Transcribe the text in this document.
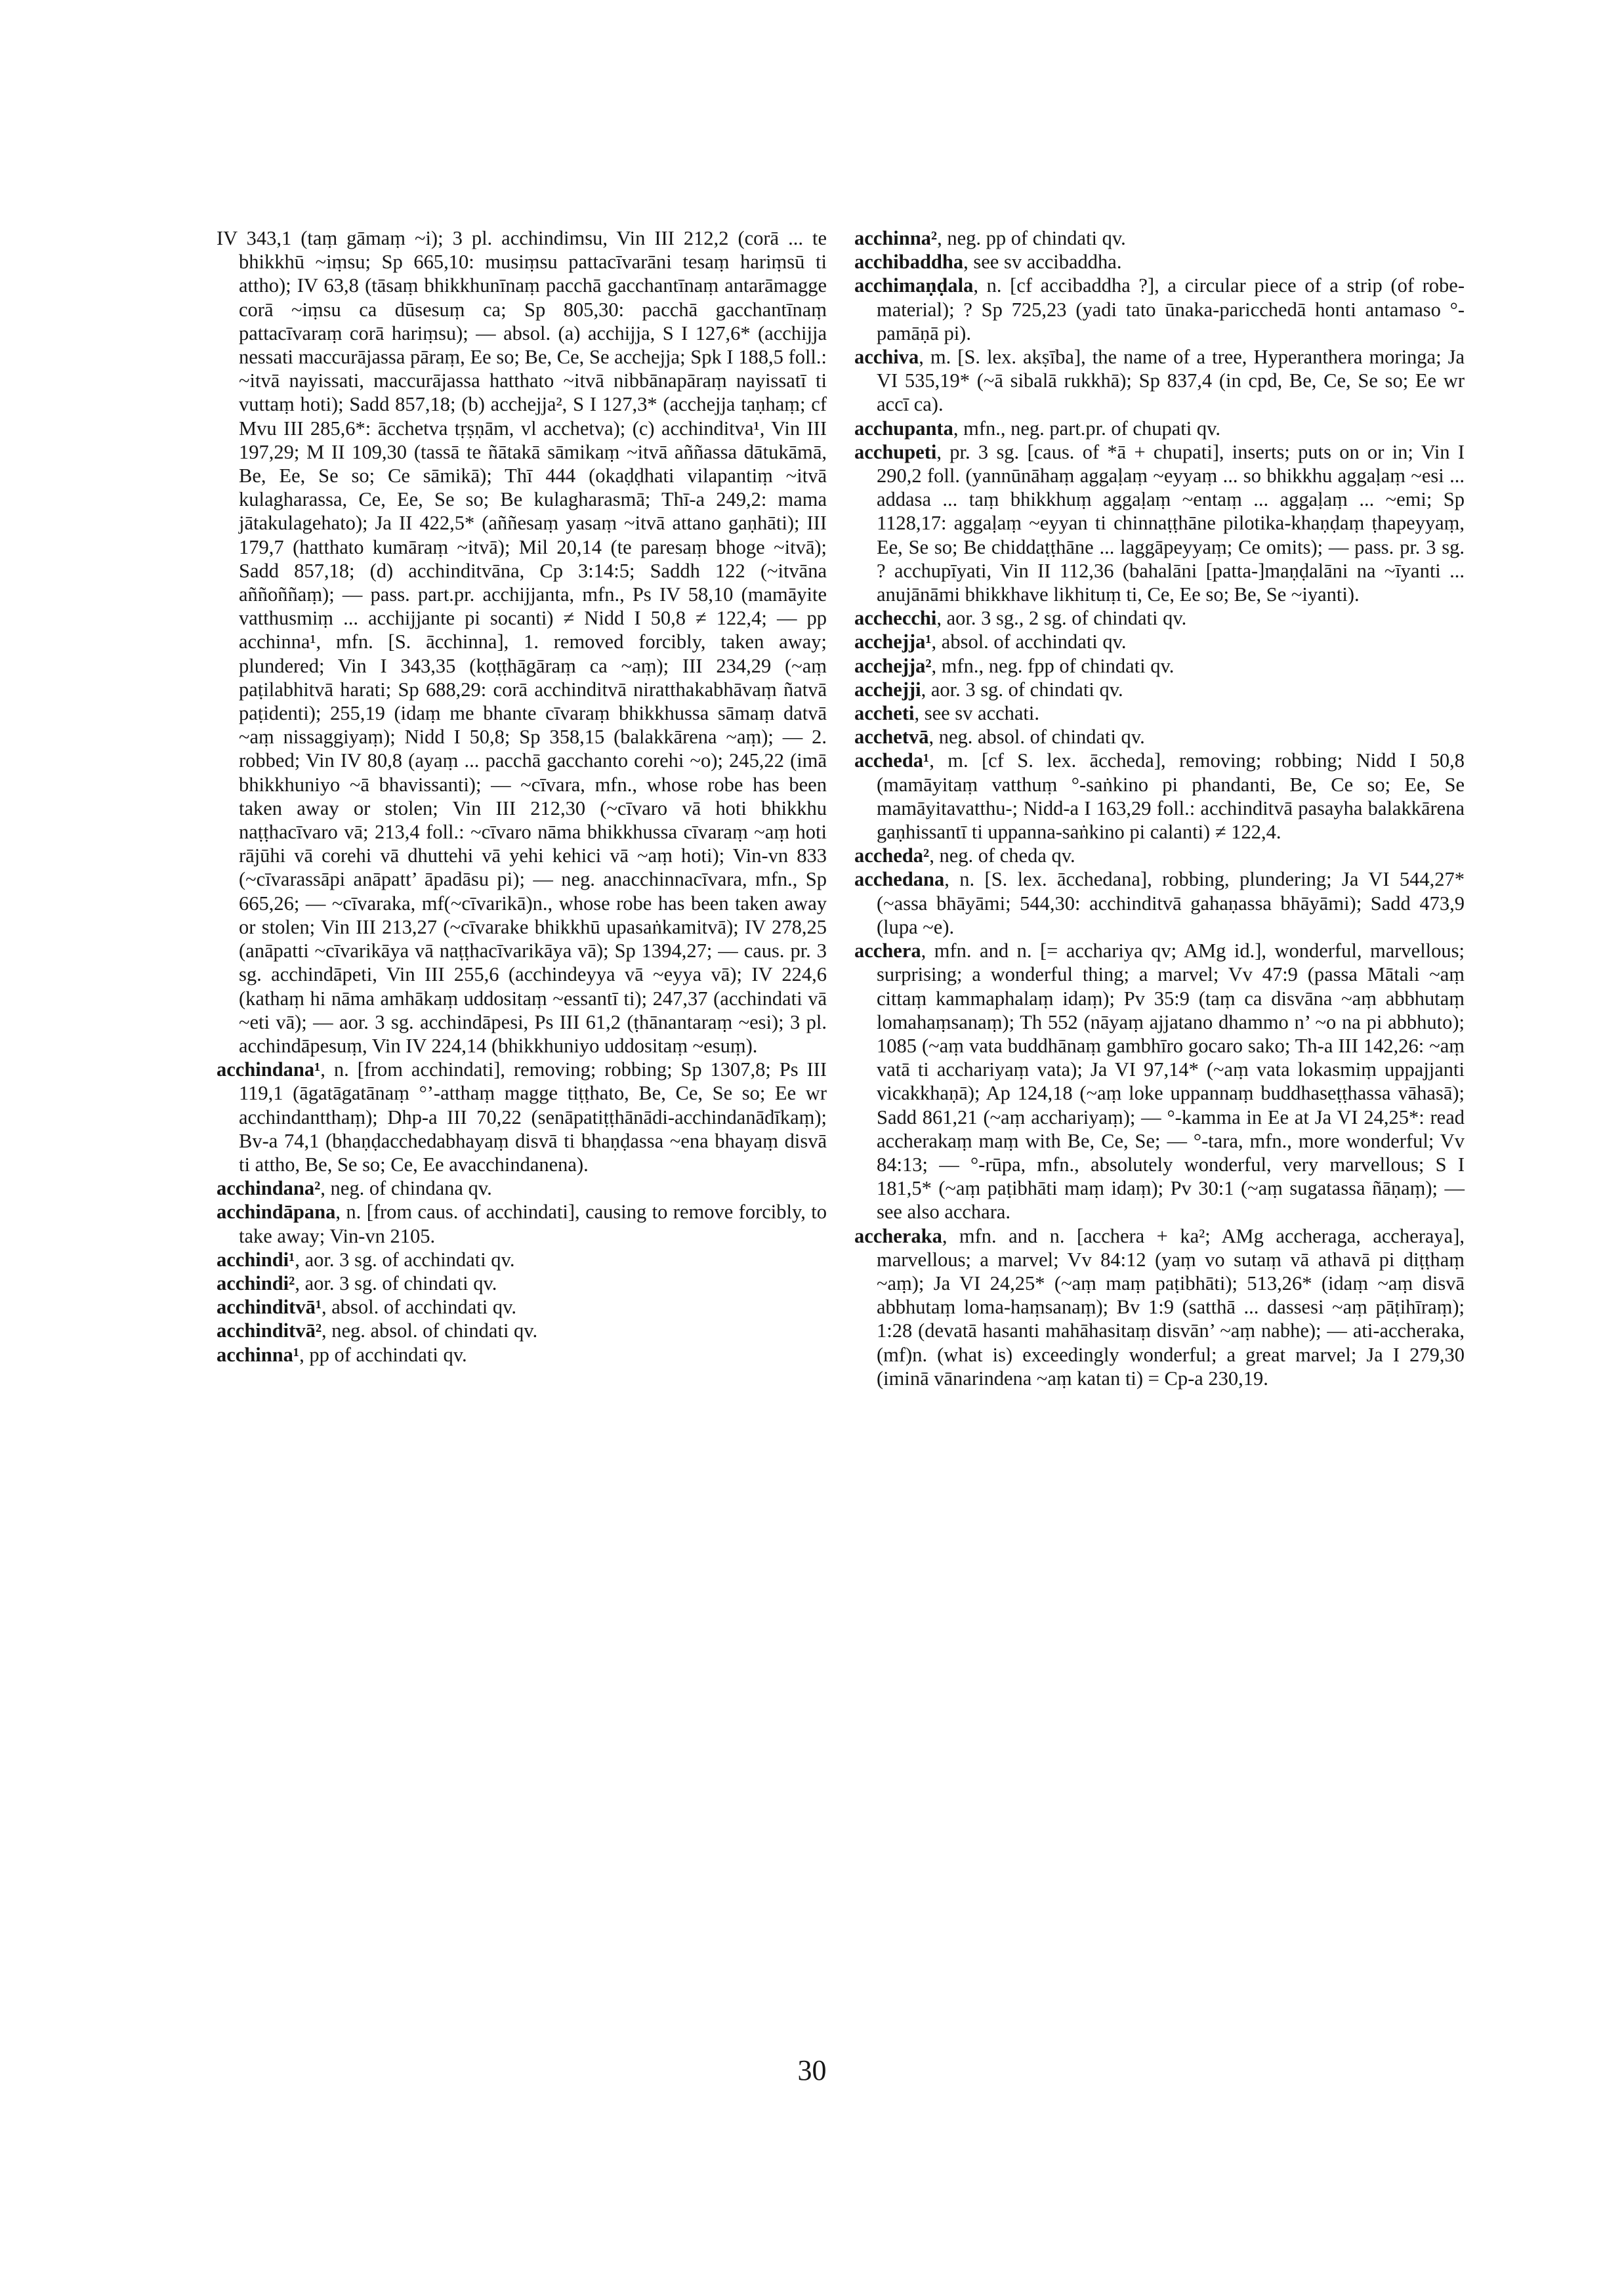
IV 343,1 (taṃ gāmaṃ ~i); 3 pl. acchindimsu, Vin III 212,2 (corā ... te bhikkhū ~iṃsu; Sp 665,10: musiṃsu pattacīvarāni tesaṃ hariṃsū ti attho); IV 63,8 (tāsaṃ bhikkhunīnaṃ pacchā gacchantīnaṃ antarāmagge corā ~iṃsu ca dūsesuṃ ca; Sp 805,30: pacchā gacchantīnaṃ pattacīvaraṃ corā hariṃsu); — absol. (a) acchijja, S I 127,6* (acchijja nessati maccurājassa pāraṃ, Ee so; Be, Ce, Se acchejja; Spk I 188,5 foll.: ~itvā nayissati, maccurājassa hatthato ~itvā nibbānapāraṃ nayissatī ti vuttaṃ hoti); Sadd 857,18; (b) acchejja², S I 127,3* (acchejja taṇhaṃ; cf Mvu III 285,6*: ācchetva tṛṣṇām, vl acchetva); (c) acchinditva¹, Vin III 197,29; M II 109,30 (tassā te ñātakā sāmikaṃ ~itvā aññassa dātukāmā, Be, Ee, Se so; Ce sāmikā); Thī 444 (okaḍḍhati vilapantiṃ ~itvā kulagharassa, Ce, Ee, Se so; Be kulagharasmā; Thī-a 249,2: mama jātakulagehato); Ja II 422,5* (aññesaṃ yasaṃ ~itvā attano gaṇhāti); III 179,7 (hatthato kumāraṃ ~itvā); Mil 20,14 (te paresaṃ bhoge ~itvā); Sadd 857,18; (d) acchinditvāna, Cp 3:14:5; Saddh 122 (~itvāna aññoññaṃ); — pass. part.pr. acchijjanta, mfn., Ps IV 58,10 (mamāyite vatthusmiṃ ... acchijjante pi socanti) ≠ Nidd I 50,8 ≠ 122,4; — pp acchinna¹, mfn. [S. ācchinna], 1. removed forcibly, taken away; plundered; Vin I 343,35 (koṭṭhāgāraṃ ca ~aṃ); III 234,29 (~aṃ paṭilabhitvā harati; Sp 688,29: corā acchinditvā niratthakabhāvaṃ ñatvā paṭidenti); 255,19 (idaṃ me bhante cīvaraṃ bhikkhussa sāmaṃ datvā ~aṃ nissaggiyaṃ); Nidd I 50,8; Sp 358,15 (balakkārena ~aṃ); — 2. robbed; Vin IV 80,8 (ayaṃ ... pacchā gacchanto corehi ~o); 245,22 (imā bhikkhuniyo ~ā bhavissanti); — ~cīvara, mfn., whose robe has been taken away or stolen; Vin III 212,30 (~cīvaro vā hoti bhikkhu naṭṭhacīvaro vā; 213,4 foll.: ~cīvaro nāma bhikkhussa cīvaraṃ ~aṃ hoti rājūhi vā corehi vā dhuttehi vā yehi kehici vā ~aṃ hoti); Vin-vn 833 (~cīvarassāpi anāpatt’ āpadāsu pi); — neg. anacchinnacīvara, mfn., Sp 665,26; — ~cīvaraka, mf(~cīvarikā)n., whose robe has been taken away or stolen; Vin III 213,27 (~cīvarake bhikkhū upasaṅkamitvā); IV 278,25 (anāpatti ~cīvarikāya vā naṭṭhacīvarikāya vā); Sp 1394,27; — caus. pr. 3 sg. acchindāpeti, Vin III 255,6 (acchindeyya vā ~eyya vā); IV 224,6 (kathaṃ hi nāma amhākaṃ uddositaṃ ~essantī ti); 247,37 (acchindati vā ~eti vā); — aor. 3 sg. acchindāpesi, Ps III 61,2 (ṭhānantaraṃ ~esi); 3 pl. acchindāpesuṃ, Vin IV 224,14 (bhikkhuniyo uddositaṃ ~esuṃ).

acchindana¹, n. [from acchindati], removing; robbing; Sp 1307,8; Ps III 119,1 (āgatāgatānaṃ °’-atthaṃ magge tiṭṭhato, Be, Ce, Se so; Ee wr acchindantthaṃ); Dhp-a III 70,22 (senāpatiṭṭhānādi-acchindanādīkaṃ); Bv-a 74,1 (bhaṇḍacchedabhayaṃ disvā ti bhaṇḍassa ~ena bhayaṃ disvā ti attho, Be, Se so; Ce, Ee avacchindanena).

acchindana², neg. of chindana qv.

acchindāpana, n. [from caus. of acchindati], causing to remove forcibly, to take away; Vin-vn 2105.

acchindi¹, aor. 3 sg. of acchindati qv.

acchindi², aor. 3 sg. of chindati qv.

acchinditvā¹, absol. of acchindati qv.

acchinditvā², neg. absol. of chindati qv.

acchinna¹, pp of acchindati qv.

acchinna², neg. pp of chindati qv.

acchibaddha, see sv accibaddha.

acchimaṇḍala, n. [cf accibaddha ?], a circular piece of a strip (of robe-material); ? Sp 725,23 (yadi tato ūnaka-paricchedā honti antamaso °-pamāṇā pi).

acchiva, m. [S. lex. akṣība], the name of a tree, Hyperanthera moringa; Ja VI 535,19* (~ā sibalā rukkhā); Sp 837,4 (in cpd, Be, Ce, Se so; Ee wr accī ca).

acchupanta, mfn., neg. part.pr. of chupati qv.

acchupeti, pr. 3 sg. [caus. of *ā + chupati], inserts; puts on or in; Vin I 290,2 foll. (yannūnāhaṃ aggaḷaṃ ~eyyaṃ ... so bhikkhu aggaḷaṃ ~esi ... addasa ... taṃ bhikkhuṃ aggaḷaṃ ~entaṃ ... aggaḷaṃ ... ~emi; Sp 1128,17: aggaḷaṃ ~eyyan ti chinnaṭṭhāne pilotika-khaṇḍaṃ ṭhapeyyaṃ, Ee, Se so; Be chiddaṭṭhāne ... laggāpeyyaṃ; Ce omits); — pass. pr. 3 sg. ? acchupīyati, Vin II 112,36 (bahalāni [patta-]maṇḍalāni na ~īyanti ... anujānāmi bhikkhave likhituṃ ti, Ce, Ee so; Be, Se ~iyanti).

acchecchi, aor. 3 sg., 2 sg. of chindati qv.

acchejja¹, absol. of acchindati qv.

acchejja², mfn., neg. fpp of chindati qv.

acchejji, aor. 3 sg. of chindati qv.

accheti, see sv acchati.

acchetvā, neg. absol. of chindati qv.

accheda¹, m. [cf S. lex. ācchedа], removing; robbing; Nidd I 50,8 (mamāyitaṃ vatthuṃ °-saṅkino pi phandanti, Be, Ce so; Ee, Se mamāyitavatthu-; Nidd-a I 163,29 foll.: acchinditvā pasayha balakkārena gaṇhissantī ti uppanna-saṅkino pi calanti) ≠ 122,4.

accheda², neg. of cheda qv.

acchedana, n. [S. lex. ācchedana], robbing, plundering; Ja VI 544,27* (~assa bhāyāmi; 544,30: acchinditvā gahaṇassa bhāyāmi); Sadd 473,9 (lupa ~e).

acchera, mfn. and n. [= acchariya qv; AMg id.], wonderful, marvellous; surprising; a wonderful thing; a marvel; Vv 47:9 (passa Mātali ~aṃ cittaṃ kammaphalaṃ idaṃ); Pv 35:9 (taṃ ca disvāna ~aṃ abbhutaṃ lomahaṃsanaṃ); Th 552 (nāyaṃ ajjatano dhammo n’ ~o na pi abbhuto); 1085 (~aṃ vata buddhānaṃ gambhīro gocaro sako; Th-a III 142,26: ~aṃ vatā ti acchariyaṃ vata); Ja VI 97,14* (~aṃ vata lokasmiṃ uppajjanti vicakkhaṇā); Ap 124,18 (~aṃ loke uppannaṃ buddhaseṭṭhassa vāhasā); Sadd 861,21 (~aṃ acchariyaṃ); — °-kamma in Ee at Ja VI 24,25*: read accherakaṃ maṃ with Be, Ce, Se; — °-tara, mfn., more wonderful; Vv 84:13; — °-rūpa, mfn., absolutely wonderful, very marvellous; S I 181,5* (~aṃ paṭibhāti maṃ idaṃ); Pv 30:1 (~aṃ sugatassa ñāṇaṃ); — see also acchara.

accheraka, mfn. and n. [acchera + ka²; AMg accheraga, accheraya], marvellous; a marvel; Vv 84:12 (yaṃ vo sutaṃ vā athavā pi diṭṭhaṃ ~aṃ); Ja VI 24,25* (~aṃ maṃ paṭibhāti); 513,26* (idaṃ ~aṃ disvā abbhutaṃ loma-haṃsanaṃ); Bv 1:9 (satthā ... dassesi ~aṃ pāṭihīraṃ); 1:28 (devatā hasanti mahāhasitaṃ disvān’ ~aṃ nabhe); — ati-accheraka, (mf)n. (what is) exceedingly wonderful; a great marvel; Ja I 279,30 (iminā vānarindena ~aṃ katan ti) = Cp-a 230,19.

30
